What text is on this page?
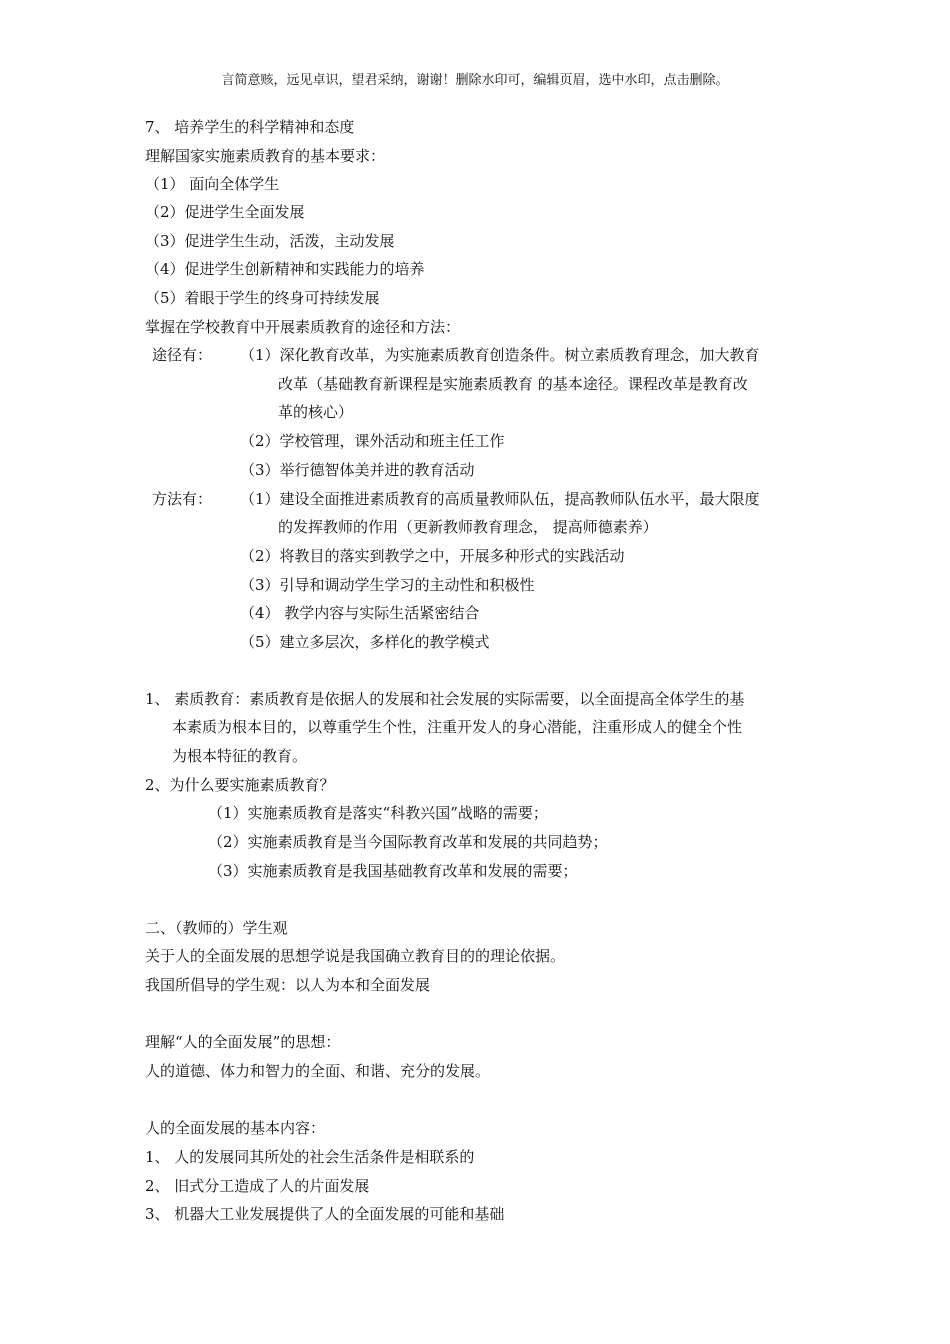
言简意赅，远见卓识，望君采纳，谢谢！删除水印可，编辑页眉，选中水印，点击删除。
7、 培养学生的科学精神和态度
理解国家实施素质教育的基本要求：
（1） 面向全体学生
（2）促进学生全面发展
（3）促进学生生动，活泼，主动发展
（4）促进学生创新精神和实践能力的培养
（5）着眼于学生的终身可持续发展
掌握在学校教育中开展素质教育的途径和方法：
途径有： （1）深化教育改革，为实施素质教育创造条件。树立素质教育理念，加大教育
改革（基础教育新课程是实施素质教育 的基本途径。课程改革是教育改
革的核心）
（2）学校管理，课外活动和班主任工作
（3）举行德智体美并进的教育活动
方法有： （1）建设全面推进素质教育的高质量教师队伍，提高教师队伍水平，最大限度
的发挥教师的作用（更新教师教育理念， 提高师德素养）
（2）将教目的落实到教学之中，开展多种形式的实践活动
（3）引导和调动学生学习的主动性和积极性
（4） 教学内容与实际生活紧密结合
（5）建立多层次，多样化的教学模式
1、 素质教育：素质教育是依据人的发展和社会发展的实际需要，以全面提高全体学生的基
本素质为根本目的，以尊重学生个性，注重开发人的身心潜能，注重形成人的健全个性
为根本特征的教育。
2、为什么要实施素质教育？
（1）实施素质教育是落实“科教兴国”战略的需要；
（2）实施素质教育是当今国际教育改革和发展的共同趋势；
（3）实施素质教育是我国基础教育改革和发展的需要；
二、（教师的）学生观
关于人的全面发展的思想学说是我国确立教育目的的理论依据。
我国所倡导的学生观：以人为本和全面发展
理解“人的全面发展”的思想：
人的道德、体力和智力的全面、和谐、充分的发展。
人的全面发展的基本内容：
1、 人的发展同其所处的社会生活条件是相联系的
2、 旧式分工造成了人的片面发展
3、 机器大工业发展提供了人的全面发展的可能和基础
